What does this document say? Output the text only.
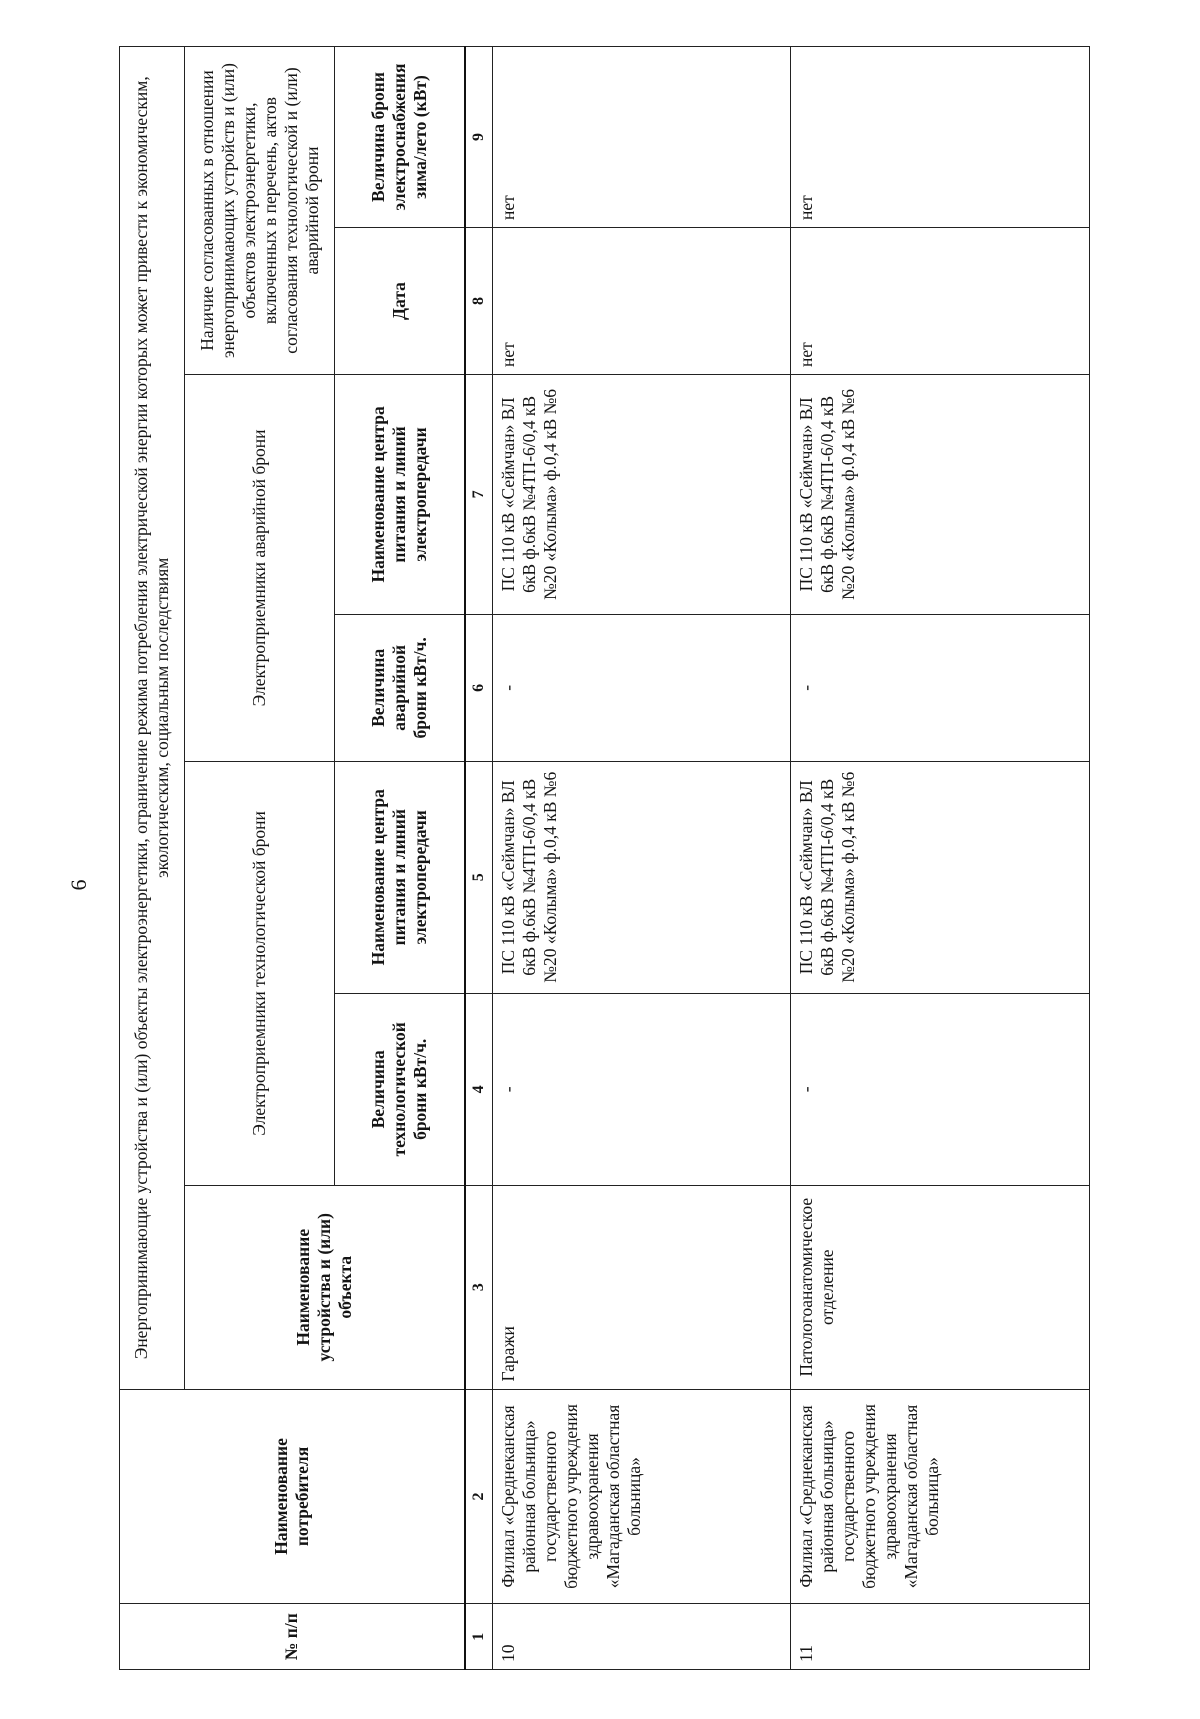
6
№ п/п	Наименование потребителя	Энергопринимающие устройства и (или) объекты электроэнергетики, ограничение режима потребления электрической энергии которых может привести к экономическим, экологическим, социальным последствиям						
		Наименование устройства и (или) объекта	Электроприемники технологической брони		Электроприемники аварийной брони		Наличие согласованных в отношении энергопринимающих устройств и (или) объектов электроэнергетики, включенных в перечень, актов согласования технологической и (или) аварийной брони	
			Величина технологической брони кВт/ч.	Наименование центра питания и линий электропередачи	Величина аварийной брони кВт/ч.	Наименование центра питания и линий электропередачи	Дата	Величина брони электроснабжения зима/лето (кВт)
1	2	3	4	5	6	7	8	9
10	Филиал «Среднеканская районная больница» государственного бюджетного учреждения здравоохранения «Магаданская областная больница»	Гаражи	-	ПС 110 кВ «Сеймчан» ВЛ 6кВ ф.6кВ №4ТП-6/0,4 кВ №20 «Колыма» ф.0,4 кВ №6	-	ПС 110 кВ «Сеймчан» ВЛ 6кВ ф.6кВ №4ТП-6/0,4 кВ №20 «Колыма» ф.0,4 кВ №6	нет	нет
11	Филиал «Среднеканская районная больница» государственного бюджетного учреждения здравоохранения «Магаданская областная больница»	Патологоанатомическое отделение	-	ПС 110 кВ «Сеймчан» ВЛ 6кВ ф.6кВ №4ТП-6/0,4 кВ №20 «Колыма» ф.0,4 кВ №6	-	ПС 110 кВ «Сеймчан» ВЛ 6кВ ф.6кВ №4ТП-6/0,4 кВ №20 «Колыма» ф.0,4 кВ №6	нет	нет
